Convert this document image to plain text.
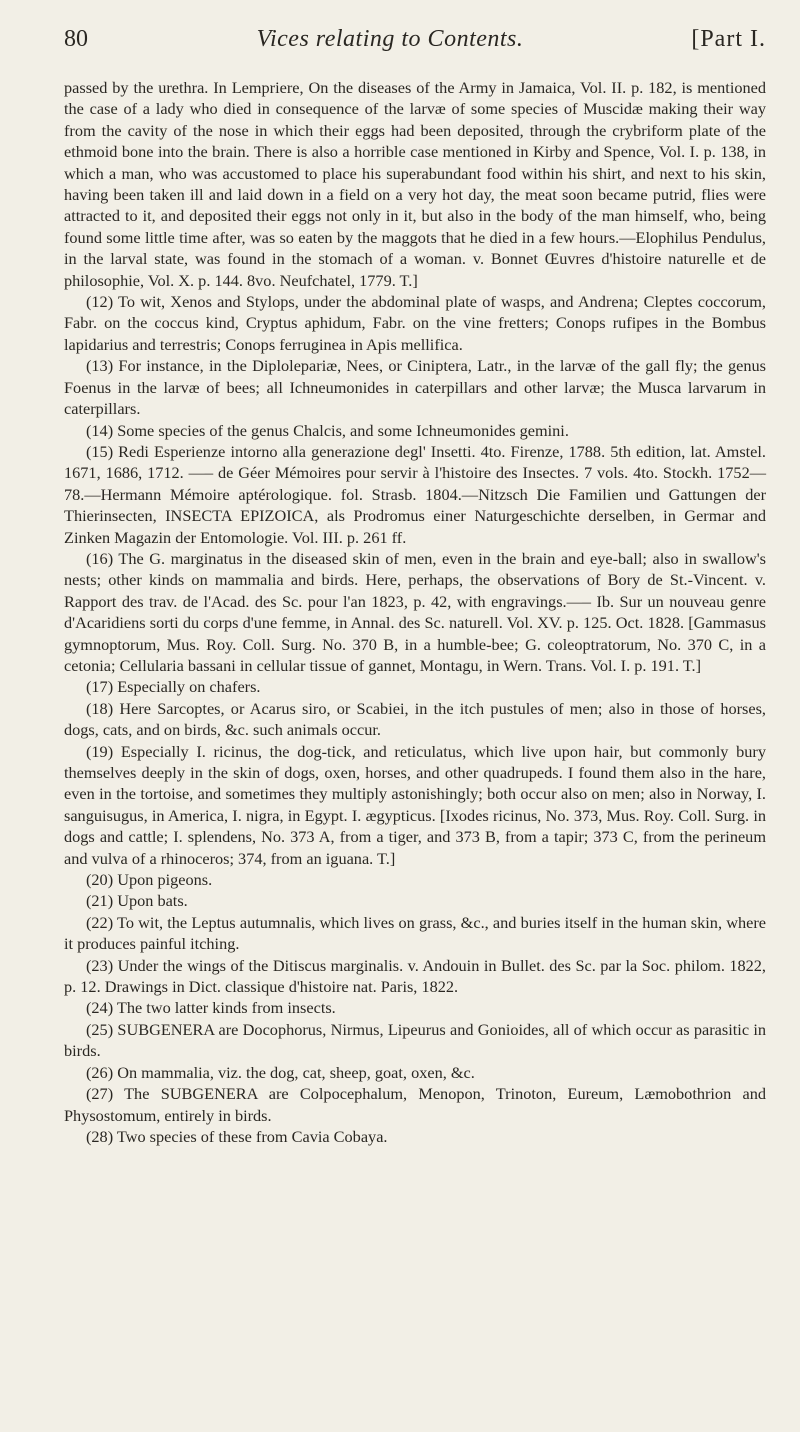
80	Vices relating to Contents.	[Part I.

passed by the urethra. In Lempriere, On the diseases of the Army in Jamaica, Vol. II. p. 182, is mentioned the case of a lady who died in consequence of the larvæ of some species of Muscidæ making their way from the cavity of the nose in which their eggs had been deposited, through the crybriform plate of the ethmoid bone into the brain. There is also a horrible case mentioned in Kirby and Spence, Vol. I. p. 138, in which a man, who was accustomed to place his superabundant food within his shirt, and next to his skin, having been taken ill and laid down in a field on a very hot day, the meat soon became putrid, flies were attracted to it, and deposited their eggs not only in it, but also in the body of the man himself, who, being found some little time after, was so eaten by the maggots that he died in a few hours.—Elophilus Pendulus, in the larval state, was found in the stomach of a woman. v. Bonnet Œuvres d'histoire naturelle et de philosophie, Vol. X. p. 144. 8vo. Neufchatel, 1779. T.]

(12) To wit, Xenos and Stylops, under the abdominal plate of wasps, and Andrena; Cleptes coccorum, Fabr. on the coccus kind, Cryptus aphidum, Fabr. on the vine fretters; Conops rufipes in the Bombus lapidarius and terrestris; Conops ferruginea in Apis mellifica.

(13) For instance, in the Diplolepariæ, Nees, or Ciniptera, Latr., in the larvæ of the gall fly; the genus Foenus in the larvæ of bees; all Ichneumonides in caterpillars and other larvæ; the Musca larvarum in caterpillars.

(14) Some species of the genus Chalcis, and some Ichneumonides gemini.

(15) Redi Esperienze intorno alla generazione degl' Insetti. 4to. Firenze, 1788. 5th edition, lat. Amstel. 1671, 1686, 1712. —– de Géer Mémoires pour servir à l'histoire des Insectes. 7 vols. 4to. Stockh. 1752—78.—Hermann Mémoire aptérologique. fol. Strasb. 1804.—Nitzsch Die Familien und Gattungen der Thierinsecten, INSECTA EPIZOICA, als Prodromus einer Naturgeschichte derselben, in Germar and Zinken Magazin der Entomologie. Vol. III. p. 261 ff.

(16) The G. marginatus in the diseased skin of men, even in the brain and eye-ball; also in swallow's nests; other kinds on mammalia and birds. Here, perhaps, the observations of Bory de St.-Vincent. v. Rapport des trav. de l'Acad. des Sc. pour l'an 1823, p. 42, with engravings.—– Ib. Sur un nouveau genre d'Acaridiens sorti du corps d'une femme, in Annal. des Sc. naturell. Vol. XV. p. 125. Oct. 1828. [Gammasus gymnoptorum, Mus. Roy. Coll. Surg. No. 370 B, in a humble-bee; G. coleoptratorum, No. 370 C, in a cetonia; Cellularia bassani in cellular tissue of gannet, Montagu, in Wern. Trans. Vol. I. p. 191. T.]

(17) Especially on chafers.

(18) Here Sarcoptes, or Acarus siro, or Scabiei, in the itch pustules of men; also in those of horses, dogs, cats, and on birds, &c. such animals occur.

(19) Especially I. ricinus, the dog-tick, and reticulatus, which live upon hair, but commonly bury themselves deeply in the skin of dogs, oxen, horses, and other quadrupeds. I found them also in the hare, even in the tortoise, and sometimes they multiply astonishingly; both occur also on men; also in Norway, I. sanguisugus, in America, I. nigra, in Egypt. I. ægypticus. [Ixodes ricinus, No. 373, Mus. Roy. Coll. Surg. in dogs and cattle; I. splendens, No. 373 A, from a tiger, and 373 B, from a tapir; 373 C, from the perineum and vulva of a rhinoceros; 374, from an iguana. T.]

(20) Upon pigeons.

(21) Upon bats.

(22) To wit, the Leptus autumnalis, which lives on grass, &c., and buries itself in the human skin, where it produces painful itching.

(23) Under the wings of the Ditiscus marginalis. v. Andouin in Bullet. des Sc. par la Soc. philom. 1822, p. 12. Drawings in Dict. classique d'histoire nat. Paris, 1822.

(24) The two latter kinds from insects.

(25) SUBGENERA are Docophorus, Nirmus, Lipeurus and Gonioides, all of which occur as parasitic in birds.

(26) On mammalia, viz. the dog, cat, sheep, goat, oxen, &c.

(27) The SUBGENERA are Colpocephalum, Menopon, Trinoton, Eureum, Læmobothrion and Physostomum, entirely in birds.

(28) Two species of these from Cavia Cobaya.
